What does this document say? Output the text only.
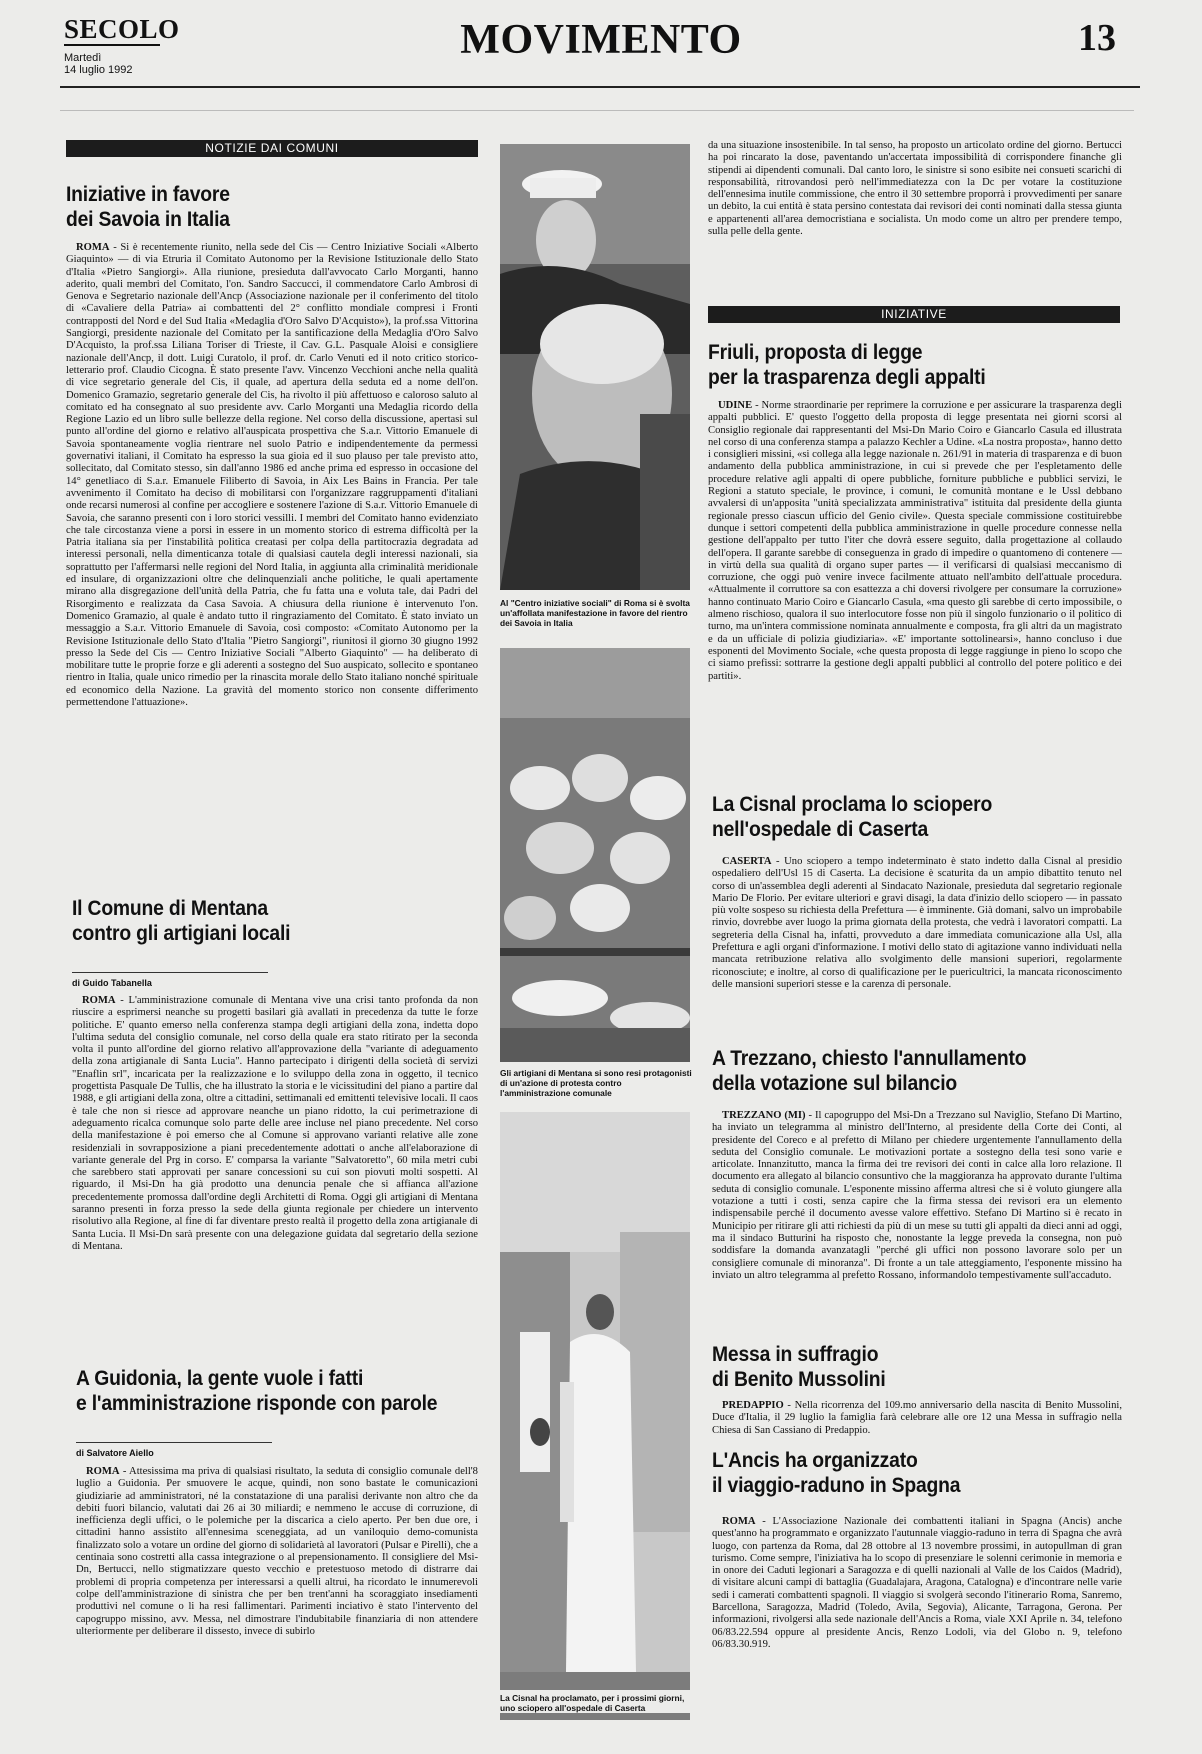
SECOLO
Martedì
14 luglio 1992
MOVIMENTO	13
NOTIZIE DAI COMUNI
Iniziative in favore
dei Savoia in Italia

ROMA - Si è recentemente riunito, nella sede del Cis — Centro Iniziative Sociali «Alberto Giaquinto» — di via Etruria il Comitato Autonomo per la Revisione Istituzionale dello Stato d'Italia «Pietro Sangiorgi». Alla riunione, presieduta dall'avvocato Carlo Morganti, hanno aderito, quali membri del Comitato, l'on. Sandro Saccucci, il commendatore Carlo Ambrosi di Genova e Segretario nazionale dell'Ancp (Associazione nazionale per il conferimento del titolo di «Cavaliere della Patria» ai combattenti del 2° conflitto mondiale compresi i Fronti contrapposti del Nord e del Sud Italia «Medaglia d'Oro Salvo D'Acquisto»), la prof.ssa Vittorina Sangiorgi, presidente nazionale del Comitato per la santificazione della Medaglia d'Oro Salvo D'Acquisto, la prof.ssa Liliana Toriser di Trieste, il Cav. G.L. Pasquale Aloisi e consigliere nazionale dell'Ancp, il dott. Luigi Curatolo, il prof. dr. Carlo Venuti ed il noto critico storico-letterario prof. Claudio Cicogna. È stato presente l'avv. Vincenzo Vecchioni anche nella qualità di vice segretario generale del Cis, il quale, ad apertura della seduta ed a nome dell'on. Domenico Gramazio, segretario generale del Cis, ha rivolto il più affettuoso e caloroso saluto al comitato ed ha consegnato al suo presidente avv. Carlo Morganti una Medaglia ricordo della Regione Lazio ed un libro sulle bellezze della regione. Nel corso della discussione, apertasi sul punto all'ordine del giorno e relativo all'auspicata prospettiva che S.a.r. Vittorio Emanuele di Savoia spontaneamente voglia rientrare nel suolo Patrio e indipendentemente da permessi governativi italiani, il Comitato ha espresso la sua gioia ed il suo plauso per tale previsto atto, sollecitato, dal Comitato stesso, sin dall'anno 1986 ed anche prima ed espresso in occasione del 14° genetliaco di S.a.r. Emanuele Filiberto di Savoia, in Aix Les Bains in Francia. Per tale avvenimento il Comitato ha deciso di mobilitarsi con l'organizzare raggruppamenti d'italiani onde recarsi numerosi al confine per accogliere e sostenere l'azione di S.a.r. Vittorio Emanuele di Savoia, che saranno presenti con i loro storici vessilli. I membri del Comitato hanno evidenziato che tale circostanza viene a porsi in essere in un momento storico di estrema difficoltà per la Patria italiana sia per l'instabilità politica creatasi per colpa della partitocrazia degradata ad interessi personali, nella dimenticanza totale di qualsiasi cautela degli interessi nazionali, sia soprattutto per l'affermarsi nelle regioni del Nord Italia, in aggiunta alla criminalità meridionale ed insulare, di organizzazioni oltre che delinquenziali anche politiche, le quali apertamente mirano alla disgregazione dell'unità della Patria, che fu fatta una e voluta tale, dai Padri del Risorgimento e realizzata da Casa Savoia. A chiusura della riunione è intervenuto l'on. Domenico Gramazio, al quale è andato tutto il ringraziamento del Comitato. È stato inviato un messaggio a S.a.r. Vittorio Emanuele di Savoia, così composto: «Comitato Autonomo per la Revisione Istituzionale dello Stato d'Italia "Pietro Sangiorgi", riunitosi il giorno 30 giugno 1992 presso la Sede del Cis — Centro Iniziative Sociali "Alberto Giaquinto" — ha deliberato di mobilitare tutte le proprie forze e gli aderenti a sostegno del Suo auspicato, sollecito e spontaneo rientro in Italia, quale unico rimedio per la rinascita morale dello Stato italiano nonché spirituale ed economico della Nazione. La gravità del momento storico non consente differimento permettendone l'attuazione».

Il Comune di Mentana
contro gli artigiani locali
di Guido Tabanella

ROMA - L'amministrazione comunale di Mentana vive una crisi tanto profonda da non riuscire a esprimersi neanche su progetti basilari già avallati in precedenza da tutte le forze politiche. E' quanto emerso nella conferenza stampa degli artigiani della zona, indetta dopo l'ultima seduta del consiglio comunale, nel corso della quale era stato ritirato per la seconda volta il punto all'ordine del giorno relativo all'approvazione della "variante di adeguamento della zona artigianale di Santa Lucia". Hanno partecipato i dirigenti della società di servizi "Enaflin srl", incaricata per la realizzazione e lo sviluppo della zona in oggetto, il tecnico progettista Pasquale De Tullis, che ha illustrato la storia e le vicissitudini del piano a partire dal 1988, e gli artigiani della zona, oltre a cittadini, settimanali ed emittenti televisive locali. Il caos è tale che non si riesce ad approvare neanche un piano ridotto, la cui perimetrazione di adeguamento ricalca comunque solo parte delle aree incluse nel piano precedente. Nel corso della manifestazione è poi emerso che al Comune si approvano varianti relative alle zone residenziali in sovrapposizione a piani precedentemente adottati o anche all'elaborazione di variante generale del Prg in corso. E' comparsa la variante "Salvatoretto", 60 mila metri cubi che sarebbero stati approvati per sanare concessioni su cui son piovuti molti sospetti. Al riguardo, il Msi-Dn ha già prodotto una denuncia penale che si affianca all'azione precedentemente promossa dall'ordine degli Architetti di Roma. Oggi gli artigiani di Mentana saranno presenti in forza presso la sede della giunta regionale per chiedere un intervento risolutivo alla Regione, al fine di far diventare presto realtà il progetto della zona artigianale di Santa Lucia. Il Msi-Dn sarà presente con una delegazione guidata dal segretario della sezione di Mentana.

A Guidonia, la gente vuole i fatti
e l'amministrazione risponde con parole
di Salvatore Aiello

ROMA - Attesissima ma priva di qualsiasi risultato, la seduta di consiglio comunale dell'8 luglio a Guidonia. Per smuovere le acque, quindi, non sono bastate le comunicazioni giudiziarie ad amministratori, né la constatazione di una paralisi derivante non altro che da debiti fuori bilancio, valutati dai 26 ai 30 miliardi; e nemmeno le accuse di corruzione, di inefficienza degli uffici, o le polemiche per la discarica a cielo aperto. Per ben due ore, i cittadini hanno assistito all'ennesima sceneggiata, ad un vaniloquio demo-comunista finalizzato solo a votare un ordine del giorno di solidarietà al lavoratori (Pulsar e Pirelli), che a centinaia sono costretti alla cassa integrazione o al prepensionamento. Il consigliere del Msi-Dn, Bertucci, nello stigmatizzare questo vecchio e pretestuoso metodo di distrarre dai problemi di propria competenza per interessarsi a quelli altrui, ha ricordato le innumerevoli colpe dell'amministrazione di sinistra che per ben trent'anni ha scoraggiato insediamenti produttivi nel comune o li ha resi fallimentari. Parimenti inciativo è stato l'intervento del capogruppo missino, avv. Messa, nel dimostrare l'indubitabile finanziaria di non attendere ulteriormente per deliberare il dissesto, invece di subirlo

Al "Centro iniziative sociali" di Roma si è svolta un'affollata manifestazione in favore del rientro dei Savoia in Italia
Gli artigiani di Mentana si sono resi protagonisti di un'azione di protesta contro l'amministrazione comunale
La Cisnal ha proclamato, per i prossimi giorni, uno sciopero all'ospedale di Caserta

da una situazione insostenibile. In tal senso, ha proposto un articolato ordine del giorno. Bertucci ha poi rincarato la dose, paventando un'accertata impossibilità di corrispondere finanche gli stipendi ai dipendenti comunali. Dal canto loro, le sinistre si sono esibite nei consueti scarichi di responsabilità, ritrovandosi però nell'immediatezza con la Dc per votare la costituzione dell'ennesima inutile commissione, che entro il 30 settembre proporrà i provvedimenti per sanare un debito, la cui entità è stata persino contestata dai revisori dei conti nominati dalla stessa giunta e appartenenti all'area democristiana e socialista. Un modo come un altro per prendere tempo, sulla pelle della gente.

INIZIATIVE
Friuli, proposta di legge
per la trasparenza degli appalti

UDINE - Norme straordinarie per reprimere la corruzione e per assicurare la trasparenza degli appalti pubblici. E' questo l'oggetto della proposta di legge presentata nei giorni scorsi al Consiglio regionale dai rappresentanti del Msi-Dn Mario Coiro e Giancarlo Casula ed illustrata nel corso di una conferenza stampa a palazzo Kechler a Udine. «La nostra proposta», hanno detto i consiglieri missini, «si collega alla legge nazionale n. 261/91 in materia di trasparenza e di buon andamento della pubblica amministrazione, in cui si prevede che per l'espletamento delle procedure relative agli appalti di opere pubbliche, forniture pubbliche e pubblici servizi, le Regioni a statuto speciale, le province, i comuni, le comunità montane e le Ussl debbano avvalersi di un'apposita "unità specializzata amministrativa" istituita dal presidente della giunta regionale presso ciascun ufficio del Genio civile». Questa speciale commissione costituirebbe dunque i settori competenti della pubblica amministrazione in quelle procedure connesse nella gestione dell'appalto per tutto l'iter che dovrà essere seguito, dalla progettazione al collaudo dell'opera. Il garante sarebbe di conseguenza in grado di impedire o quantomeno di contenere — in virtù della sua qualità di organo super partes — il verificarsi di qualsiasi meccanismo di corruzione, che oggi può venire invece facilmente attuato nell'ambito dell'attuale procedura. «Attualmente il corruttore sa con esattezza a chi doversi rivolgere per consumare la corruzione» hanno continuato Mario Coiro e Giancarlo Casula, «ma questo gli sarebbe di certo impossibile, o almeno rischioso, qualora il suo interlocutore fosse non più il singolo funzionario o il politico di turno, ma un'intera commissione nominata annualmente e composta, fra gli altri da un magistrato e da un ufficiale di polizia giudiziaria». «E' importante sottolinearsi», hanno concluso i due esponenti del Movimento Sociale, «che questa proposta di legge raggiunge in pieno lo scopo che ci siamo prefissi: sottrarre la gestione degli appalti pubblici al controllo del potere politico e dei partiti».

La Cisnal proclama lo sciopero
nell'ospedale di Caserta

CASERTA - Uno sciopero a tempo indeterminato è stato indetto dalla Cisnal al presidio ospedaliero dell'Usl 15 di Caserta. La decisione è scaturita da un ampio dibattito tenuto nel corso di un'assemblea degli aderenti al Sindacato Nazionale, presieduta dal segretario regionale Mario De Florio. Per evitare ulteriori e gravi disagi, la data d'inizio dello sciopero — in passato più volte sospeso su richiesta della Prefettura — è imminente. Già domani, salvo un improbabile rinvio, dovrebbe aver luogo la prima giornata della protesta, che vedrà i lavoratori compatti. La segreteria della Cisnal ha, infatti, provveduto a dare immediata comunicazione alla Usl, alla Prefettura e agli organi d'informazione. I motivi dello stato di agitazione vanno individuati nella mancata retribuzione relativa allo svolgimento delle mansioni superiori, regolarmente riconosciute; e inoltre, al corso di qualificazione per le puericultrici, la mancata riconoscimento delle mansioni superiori stesse e la carenza di personale.

A Trezzano, chiesto l'annullamento
della votazione sul bilancio

TREZZANO (MI) - Il capogruppo del Msi-Dn a Trezzano sul Naviglio, Stefano Di Martino, ha inviato un telegramma al ministro dell'Interno, al presidente della Corte dei Conti, al presidente del Coreco e al prefetto di Milano per chiedere urgentemente l'annullamento della seduta del Consiglio comunale. Le motivazioni portate a sostegno della tesi sono varie e articolate. Innanzitutto, manca la firma dei tre revisori dei conti in calce alla loro relazione. Il documento era allegato al bilancio consuntivo che la maggioranza ha approvato durante l'ultima seduta di consiglio comunale. L'esponente missino afferma altresì che si è voluto giungere alla votazione a tutti i costi, senza capire che la firma stessa dei revisori era un elemento indispensabile perché il documento avesse valore effettivo. Stefano Di Martino si è recato in Municipio per ritirare gli atti richiesti da più di un mese su tutti gli appalti da dieci anni ad oggi, ma il sindaco Butturini ha risposto che, nonostante la legge preveda la consegna, non può soddisfare la domanda avanzatagli "perché gli uffici non possono lavorare solo per un consigliere comunale di minoranza". Di fronte a un tale atteggiamento, l'esponente missino ha inviato un altro telegramma al prefetto Rossano, informandolo tempestivamente sull'accaduto.

Messa in suffragio
di Benito Mussolini

PREDAPPIO - Nella ricorrenza del 109.mo anniversario della nascita di Benito Mussolini, Duce d'Italia, il 29 luglio la famiglia farà celebrare alle ore 12 una Messa in suffragio nella Chiesa di San Cassiano di Predappio.

L'Ancis ha organizzato
il viaggio-raduno in Spagna

ROMA - L'Associazione Nazionale dei combattenti italiani in Spagna (Ancis) anche quest'anno ha programmato e organizzato l'autunnale viaggio-raduno in terra di Spagna che avrà luogo, con partenza da Roma, dal 28 ottobre al 13 novembre prossimi, in autopullman di gran turismo. Come sempre, l'iniziativa ha lo scopo di presenziare le solenni cerimonie in memoria e in onore dei Caduti legionari a Saragozza e di quelli nazionali al Valle de los Caidos (Madrid), di visitare alcuni campi di battaglia (Guadalajara, Aragona, Catalogna) e d'incontrare nelle varie sedi i camerati combattenti spagnoli. Il viaggio si svolgerà secondo l'itinerario Roma, Sanremo, Barcellona, Saragozza, Madrid (Toledo, Avila, Segovia), Alicante, Tarragona, Gerona. Per informazioni, rivolgersi alla sede nazionale dell'Ancis a Roma, viale XXI Aprile n. 34, telefono 06/83.22.594 oppure al presidente Ancis, Renzo Lodoli, via del Globo n. 9, telefono 06/83.30.919.
